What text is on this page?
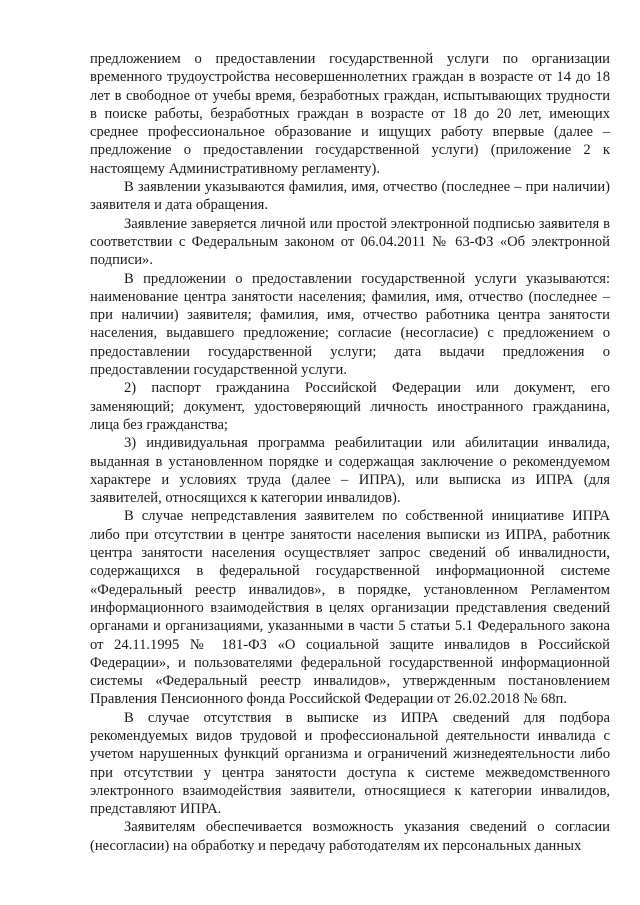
предложением о предоставлении государственной услуги по организации временного трудоустройства несовершеннолетних граждан в возрасте от 14 до 18 лет в свободное от учебы время, безработных граждан, испытывающих трудности в поиске работы, безработных граждан в возрасте от 18 до 20 лет, имеющих среднее профессиональное образование и ищущих работу впервые (далее – предложение о предоставлении государственной услуги) (приложение 2 к настоящему Административному регламенту).

В заявлении указываются фамилия, имя, отчество (последнее – при наличии) заявителя и дата обращения.

Заявление заверяется личной или простой электронной подписью заявителя в соответствии с Федеральным законом от 06.04.2011 № 63-ФЗ «Об электронной подписи».

В предложении о предоставлении государственной услуги указываются: наименование центра занятости населения; фамилия, имя, отчество (последнее – при наличии) заявителя; фамилия, имя, отчество работника центра занятости населения, выдавшего предложение; согласие (несогласие) с предложением о предоставлении государственной услуги; дата выдачи предложения о предоставлении государственной услуги.

2) паспорт гражданина Российской Федерации или документ, его заменяющий; документ, удостоверяющий личность иностранного гражданина, лица без гражданства;

3) индивидуальная программа реабилитации или абилитации инвалида, выданная в установленном порядке и содержащая заключение о рекомендуемом характере и условиях труда (далее – ИПРА), или выписка из ИПРА (для заявителей, относящихся к категории инвалидов).

В случае непредставления заявителем по собственной инициативе ИПРА либо при отсутствии в центре занятости населения выписки из ИПРА, работник центра занятости населения осуществляет запрос сведений об инвалидности, содержащихся в федеральной государственной информационной системе «Федеральный реестр инвалидов», в порядке, установленном Регламентом информационного взаимодействия в целях организации представления сведений органами и организациями, указанными в части 5 статьи 5.1 Федерального закона от 24.11.1995 № 181-ФЗ «О социальной защите инвалидов в Российской Федерации», и пользователями федеральной государственной информационной системы «Федеральный реестр инвалидов», утвержденным постановлением Правления Пенсионного фонда Российской Федерации от 26.02.2018 № 68п.

В случае отсутствия в выписке из ИПРА сведений для подбора рекомендуемых видов трудовой и профессиональной деятельности инвалида с учетом нарушенных функций организма и ограничений жизнедеятельности либо при отсутствии у центра занятости доступа к системе межведомственного электронного взаимодействия заявители, относящиеся к категории инвалидов, представляют ИПРА.

Заявителям обеспечивается возможность указания сведений о согласии (несогласии) на обработку и передачу работодателям их персональных данных
